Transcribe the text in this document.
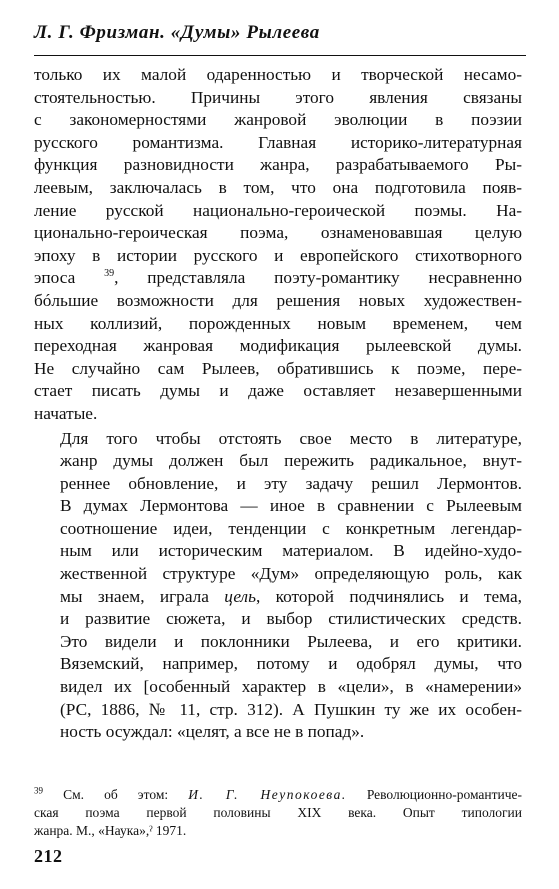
Л. Г. Фризман. «Думы» Рылеева

только их малой одаренностью и творческой несамо-
стоятельностью. Причины этого явления связаны
с закономерностями жанровой эволюции в поэзии
русского романтизма. Главная историко-литературная
функция разновидности жанра, разрабатываемого Ры-
леевым, заключалась в том, что она подготовила появ-
ление русской национально-героической поэмы. На-
ционально-героическая поэма, ознаменовавшая целую
эпоху в истории русского и европейского стихотворного
эпоса	$^{39}$, представляла поэту-романтику несравненно
бóльшие возможности для решения новых художествен-
ных коллизий, порожденных новым временем, чем
переходная жанровая модификация рылеевской думы.
Не случайно сам Рылеев, обратившись к поэме, пере-
стает писать думы и даже оставляет незавершенными
начатые.

Для того чтобы отстоять свое место в литературе,
жанр думы должен был пережить радикальное, внут-
реннее обновление, и эту задачу решил Лермонтов.
В думах Лермонтова — иное в сравнении с Рылеевым
соотношение идеи, тенденции с конкретным легендар-
ным или историческим материалом. В идейно-худо-
жественной структуре «Дум» определяющую роль, как
мы знаем, играла цель, которой подчинялись и тема,
и развитие сюжета, и выбор стилистических средств.
Это видели и поклонники Рылеева, и его критики.
Вяземский, например, потому и одобрял думы, что
видел их [особенный характер в «цели», в «намерении»
(РС, 1886, № 11, стр. 312). А Пушкин ту же их особен-
ность осуждал: «целят, а все не в попад».

$^{39}$ См. об этом: И. Г. Неупокоева. Революционно-романтиче-
ская поэма первой половины XIX века. Опыт типологии
жанра. М., «Наука»,ˀ 1971.

212
